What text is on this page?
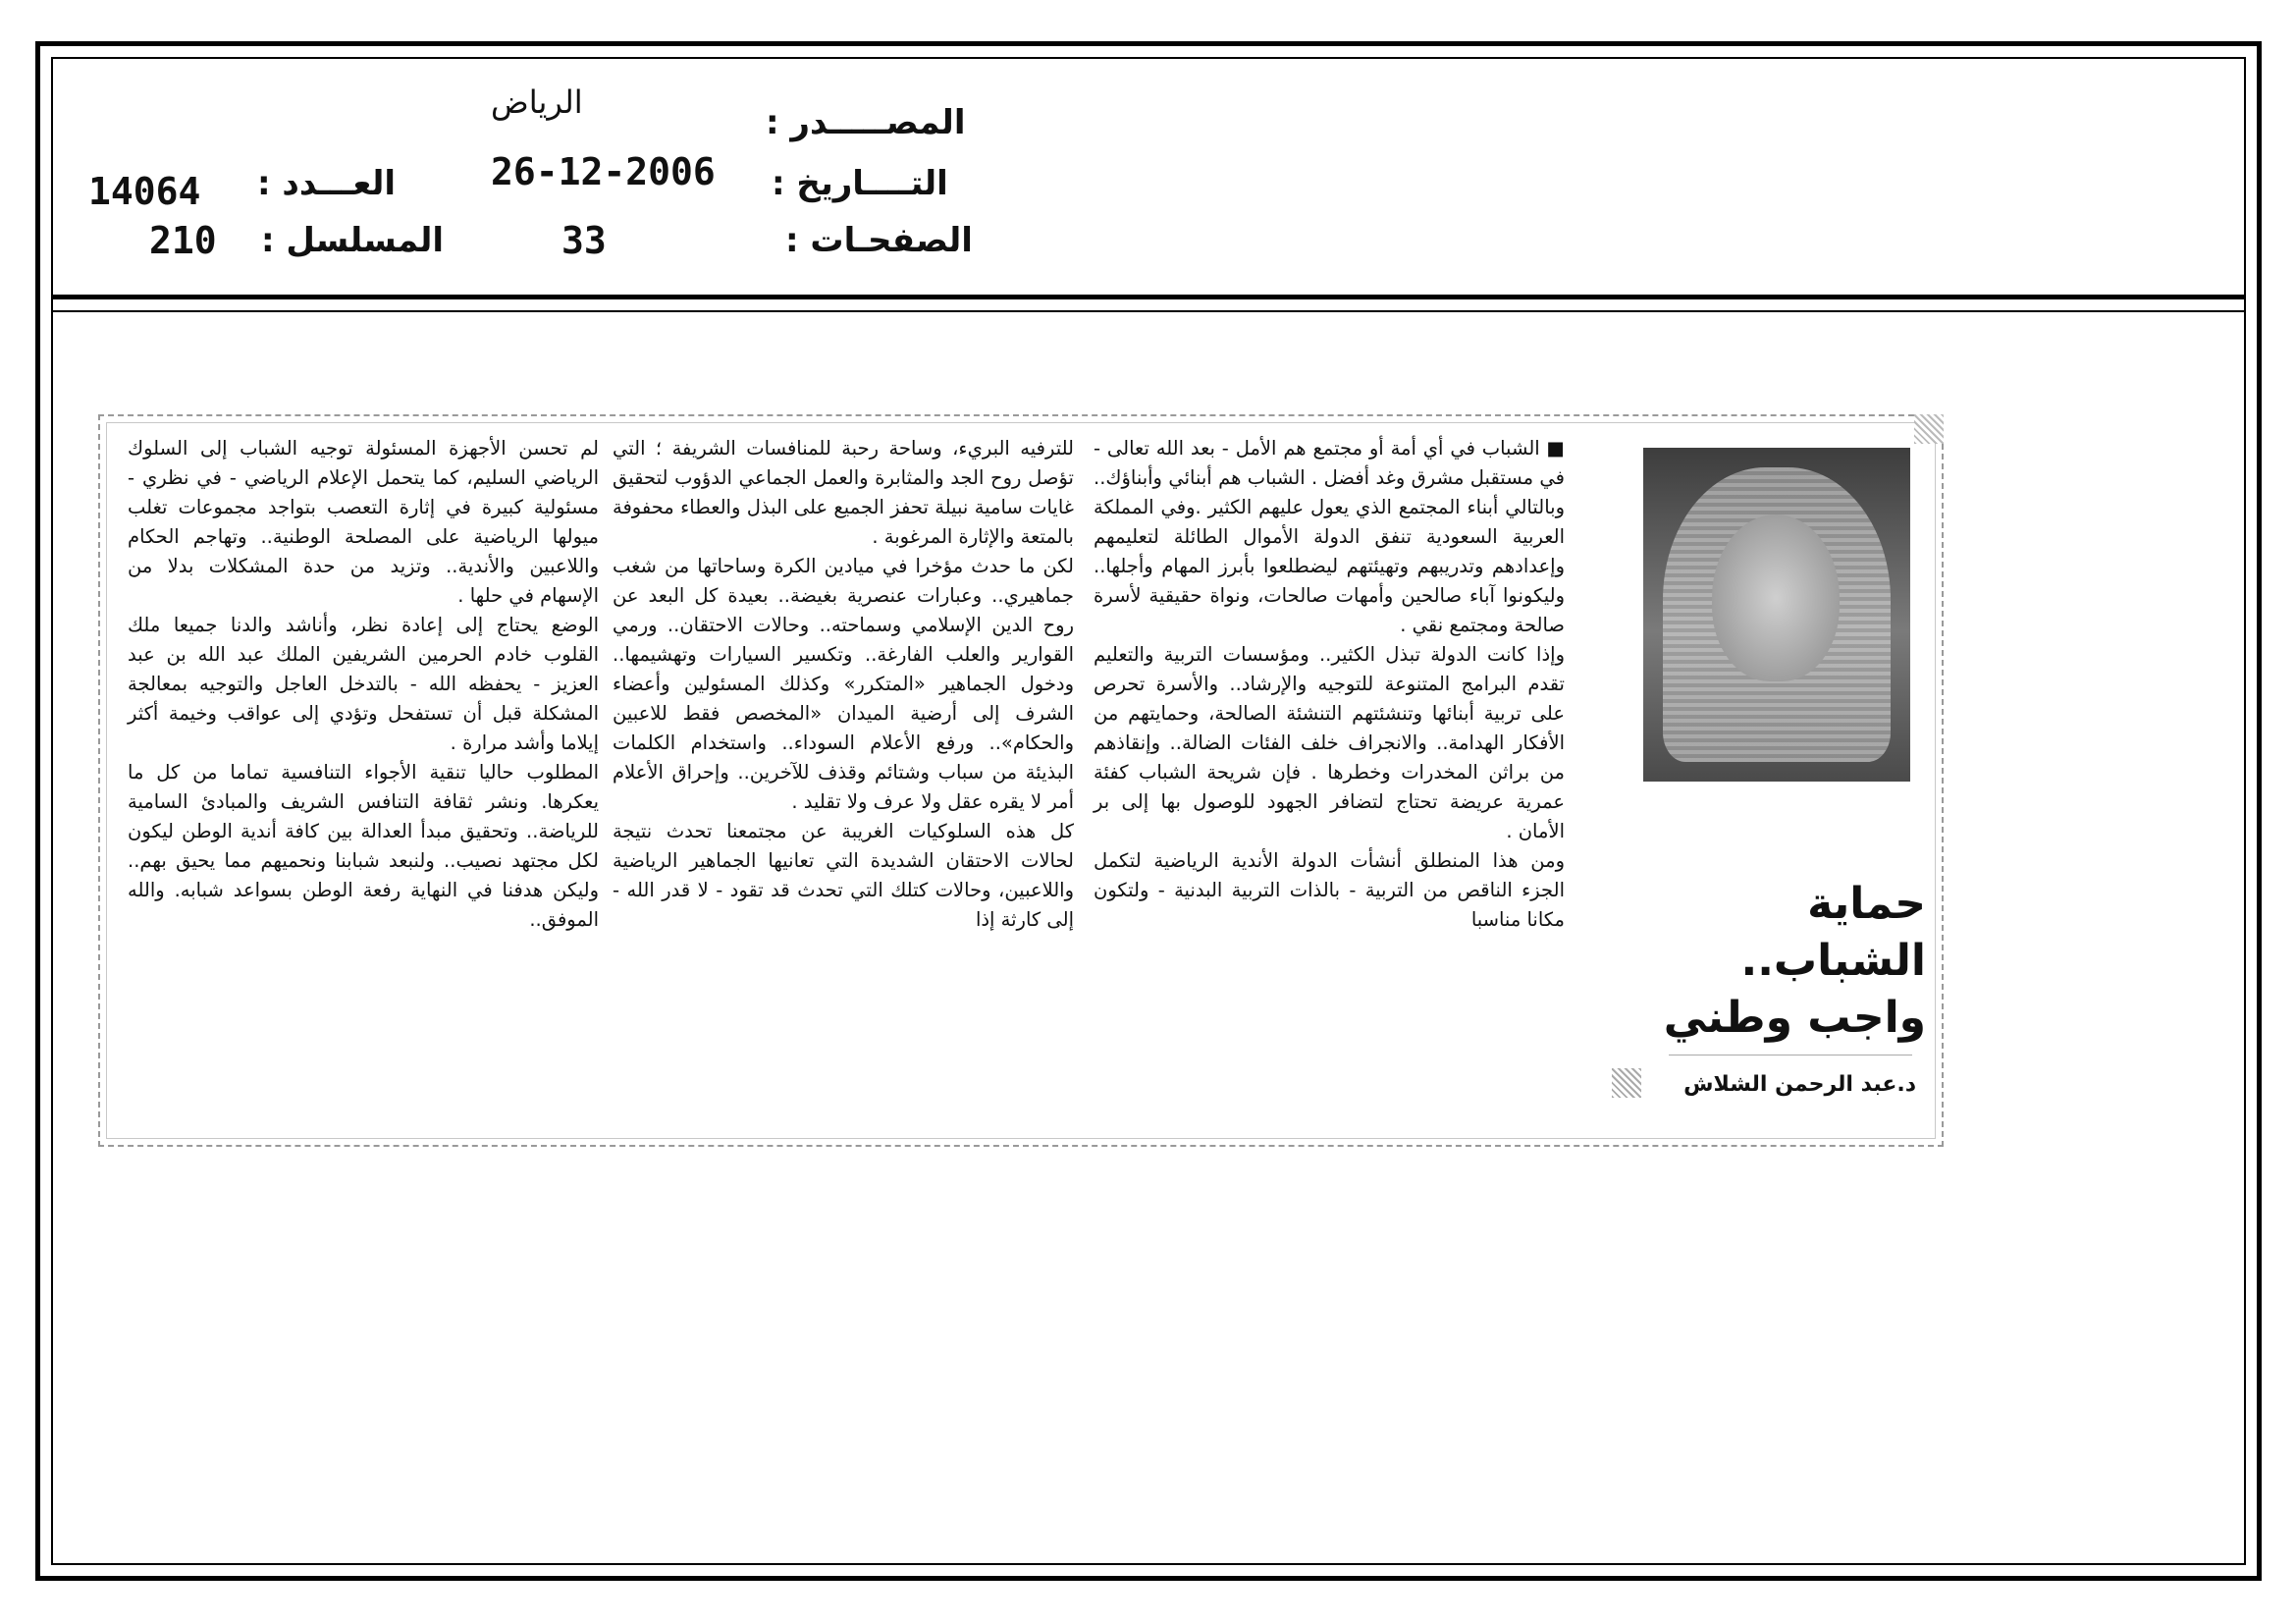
المصـــــدر :
الرياض
التــــاريخ :
26-12-2006
الصفحـات :
33
العـــدد :
14064
المسلسل :
210
حماية الشباب..
واجب وطني
د.عبد الرحمن الشلاش

■ الشباب في أي أمة أو مجتمع هم الأمل - بعد الله تعالى - في مستقبل مشرق وغد أفضل . الشباب هم أبنائي وأبناؤك.. وبالتالي أبناء المجتمع الذي يعول عليهم الكثير .وفي المملكة العربية السعودية تنفق الدولة الأموال الطائلة لتعليمهم وإعدادهم وتدريبهم وتهيئتهم ليضطلعوا بأبرز المهام وأجلها.. وليكونوا آباء صالحين وأمهات صالحات، ونواة حقيقية لأسرة صالحة ومجتمع نقي .

وإذا كانت الدولة تبذل الكثير.. ومؤسسات التربية والتعليم تقدم البرامج المتنوعة للتوجيه والإرشاد.. والأسرة تحرص على تربية أبنائها وتنشئتهم التنشئة الصالحة، وحمايتهم من الأفكار الهدامة.. والانجراف خلف الفئات الضالة.. وإنقاذهم من براثن المخدرات وخطرها . فإن شريحة الشباب كفئة عمرية عريضة تحتاج لتضافر الجهود للوصول بها إلى بر الأمان .

ومن هذا المنطلق أنشأت الدولة الأندية الرياضية لتكمل الجزء الناقص من التربية - بالذات التربية البدنية - ولتكون مكانا مناسبا

للترفيه البريء، وساحة رحبة للمنافسات الشريفة ؛ التي تؤصل روح الجد والمثابرة والعمل الجماعي الدؤوب لتحقيق غايات سامية نبيلة تحفز الجميع على البذل والعطاء محفوفة بالمتعة والإثارة المرغوبة .

لكن ما حدث مؤخرا في ميادين الكرة وساحاتها من شغب جماهيري.. وعبارات عنصرية بغيضة.. بعيدة كل البعد عن روح الدين الإسلامي وسماحته.. وحالات الاحتقان.. ورمي القوارير والعلب الفارغة.. وتكسير السيارات وتهشيمها.. ودخول الجماهير «المتكرر» وكذلك المسئولين وأعضاء الشرف إلى أرضية الميدان «المخصص فقط للاعبين والحكام».. ورفع الأعلام السوداء.. واستخدام الكلمات البذيئة من سباب وشتائم وقذف للآخرين.. وإحراق الأعلام أمر لا يقره عقل ولا عرف ولا تقليد .

كل هذه السلوكيات الغريبة عن مجتمعنا تحدث نتيجة لحالات الاحتقان الشديدة التي تعانيها الجماهير الرياضية واللاعبين، وحالات كتلك التي تحدث قد تقود - لا قدر الله - إلى كارثة إذا

لم تحسن الأجهزة المسئولة توجيه الشباب إلى السلوك الرياضي السليم، كما يتحمل الإعلام الرياضي - في نظري - مسئولية كبيرة في إثارة التعصب بتواجد مجموعات تغلب ميولها الرياضية على المصلحة الوطنية.. وتهاجم الحكام واللاعبين والأندية.. وتزيد من حدة المشكلات بدلا من الإسهام في حلها .

الوضع يحتاج إلى إعادة نظر، وأناشد والدنا جميعا ملك القلوب خادم الحرمين الشريفين الملك عبد الله بن عبد العزيز - يحفظه الله - بالتدخل العاجل والتوجيه بمعالجة المشكلة قبل أن تستفحل وتؤدي إلى عواقب وخيمة أكثر إيلاما وأشد مرارة .

المطلوب حاليا تنقية الأجواء التنافسية تماما من كل ما يعكرها. ونشر ثقافة التنافس الشريف والمبادئ السامية للرياضة.. وتحقيق مبدأ العدالة بين كافة أندية الوطن ليكون لكل مجتهد نصيب.. ولنبعد شبابنا ونحميهم مما يحيق بهم.. وليكن هدفنا في النهاية رفعة الوطن بسواعد شبابه. والله الموفق..
